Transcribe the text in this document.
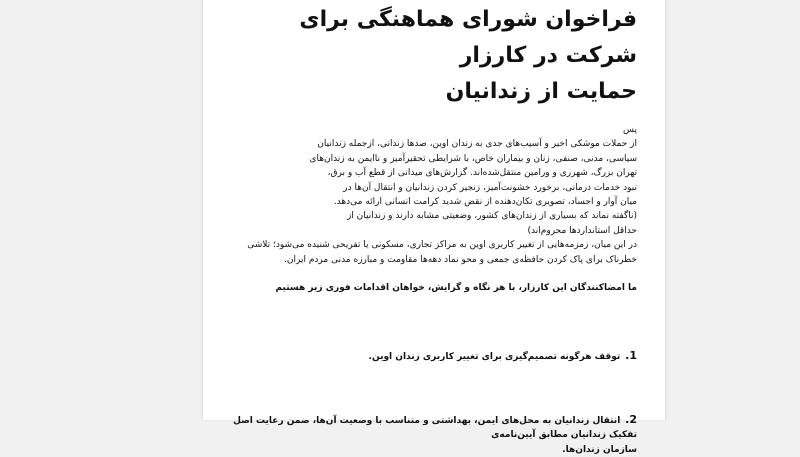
فراخوان شورای هماهنگی برای شرکت در کارزار
حمایت از زندانیان
پس
از حملات موشکی اخیر و آسیب‌های جدی به زندان اوین، صدها زندانی، ازجمله زندانیان
سیاسی، مدنی، صنفی، زنان و بیماران خاص، با شرایطی تحقیرآمیز و ناایمن به زندان‌های
تهران بزرگ، شهرری و ورامین منتقل‌شده‌اند. گزارش‌های میدانی از قطع آب و برق،
نبود خدمات درمانی، برخورد خشونت‌آمیز، زنجیر کردن زندانیان و انتقال آن‌ها در
میان آوار و اجساد، تصویری تکان‌دهنده از نقض شدید کرامت انسانی ارائه می‌دهد.
(ناگفته نماند که بسیاری از زندان‌های کشور، وضعیتی مشابه دارند و زندانیان از
حداقل استانداردها محروم‌اند)
در این میان، زمزمه‌هایی از تغییر کاربری اوین به مراکز تجاری، مسکونی یا تفریحی شنیده می‌شود؛ تلاشی
خطرناک برای پاک کردن حافظه‌ی جمعی و محو نماد دهه‌ها مقاومت و مبارزه مدنی مردم ایران.

ما امضاکنندگان این کارزار، با هر نگاه و گرایش، خواهان اقدامات فوری زیر هستیم

1. توقف هرگونه تصمیم‌گیری برای تغییر کاربری زندان اوین.
2. انتقال زندانیان به محل‌های ایمن، بهداشتی و متناسب با وضعیت آن‌ها، ضمن رعایت اصل تفکیک زندانیان مطابق آیین‌نامه‌ی
سازمان زندان‌ها.
